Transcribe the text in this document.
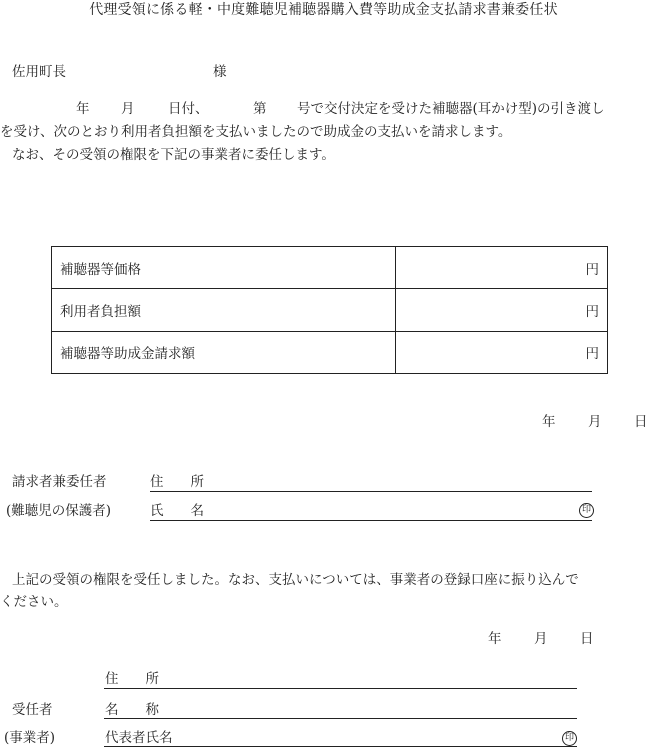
代理受領に係る軽・中度難聴児補聴器購入費等助成金支払請求書兼委任状
佐用町長	様
年 月 日付、	第 号で交付決定を受けた補聴器(耳かけ型)の引き渡し
を受け、次のとおり利用者負担額を支払いましたので助成金の支払いを請求します。
なお、その受領の権限を下記の事業者に委任します。
補聴器等価格	円
利用者負担額	円
補聴器等助成金請求額	円
年 月 日
請求者兼委任者	住　　所
(難聴児の保護者)	氏　　名	印
上記の受領の権限を受任しました。なお、支払いについては、事業者の登録口座に振り込んで
ください。
年 月 日
住　　所
受任者	名　　称
(事業者)	代表者氏名	印
